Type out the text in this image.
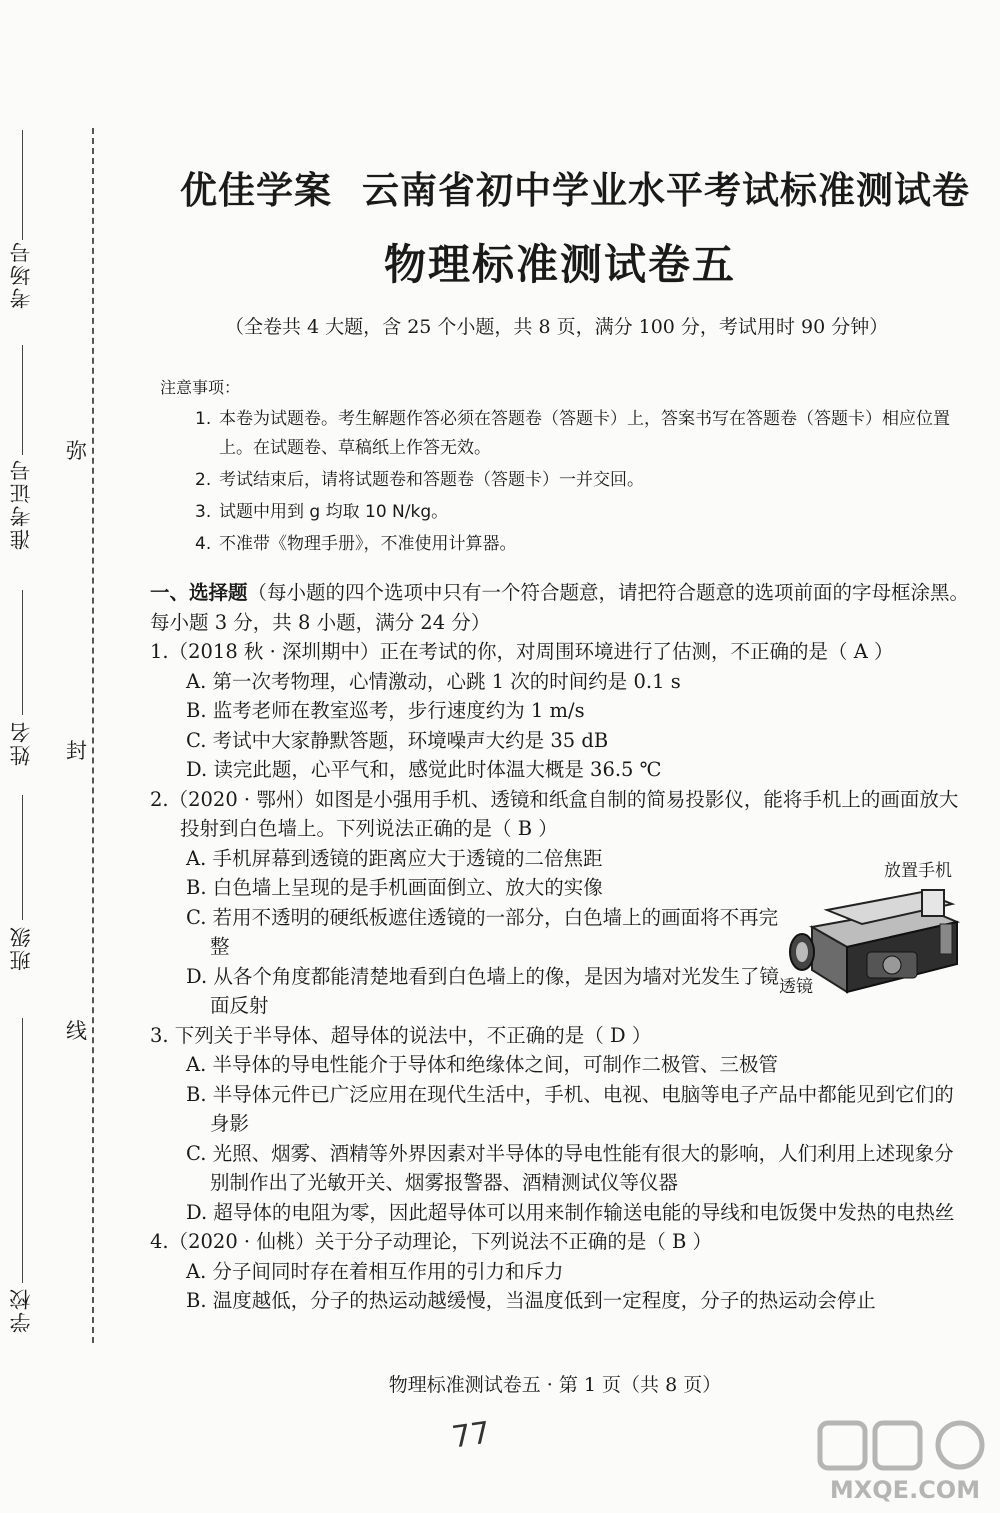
考场号
准考证号
姓名
班级
学校
弥
封
线
优佳学案 云南省初中学业水平考试标准测试卷
物理标准测试卷五
（全卷共 4 大题，含 25 个小题，共 8 页，满分 100 分，考试用时 90 分钟）
注意事项：
1. 本卷为试题卷。考生解题作答必须在答题卷（答题卡）上，答案书写在答题卷（答题卡）相应位置上。在试题卷、草稿纸上作答无效。
2. 考试结束后，请将试题卷和答题卷（答题卡）一并交回。
3. 试题中用到 g 均取 10 N/kg。
4. 不准带《物理手册》，不准使用计算器。

一、选择题（每小题的四个选项中只有一个符合题意，请把符合题意的选项前面的字母框涂黑。每小题 3 分，共 8 小题，满分 24 分）

1.（2018 秋 · 深圳期中）正在考试的你，对周围环境进行了估测，不正确的是（ A ）

A. 第一次考物理，心情激动，心跳 1 次的时间约是 0.1 s

B. 监考老师在教室巡考，步行速度约为 1 m/s

C. 考试中大家静默答题，环境噪声大约是 35 dB

D. 读完此题，心平气和，感觉此时体温大概是 36.5 ℃

2.（2020 · 鄂州）如图是小强用手机、透镜和纸盒自制的简易投影仪，能将手机上的画面放大投射到白色墙上。下列说法正确的是（ B ）

A. 手机屏幕到透镜的距离应大于透镜的二倍焦距

B. 白色墙上呈现的是手机画面倒立、放大的实像

C. 若用不透明的硬纸板遮住透镜的一部分，白色墙上的画面将不再完整

D. 从各个角度都能清楚地看到白色墙上的像，是因为墙对光发生了镜面反射

3. 下列关于半导体、超导体的说法中，不正确的是（ D ）

A. 半导体的导电性能介于导体和绝缘体之间，可制作二极管、三极管

B. 半导体元件已广泛应用在现代生活中，手机、电视、电脑等电子产品中都能见到它们的身影

C. 光照、烟雾、酒精等外界因素对半导体的导电性能有很大的影响，人们利用上述现象分别制作出了光敏开关、烟雾报警器、酒精测试仪等仪器

D. 超导体的电阻为零，因此超导体可以用来制作输送电能的导线和电饭煲中发热的电热丝

4.（2020 · 仙桃）关于分子动理论，下列说法不正确的是（ B ）

A. 分子间同时存在着相互作用的引力和斥力

B. 温度越低，分子的热运动越缓慢，当温度低到一定程度，分子的热运动会停止

放置手机
透镜
物理标准测试卷五 · 第 1 页（共 8 页）
77
MXQE.COM
